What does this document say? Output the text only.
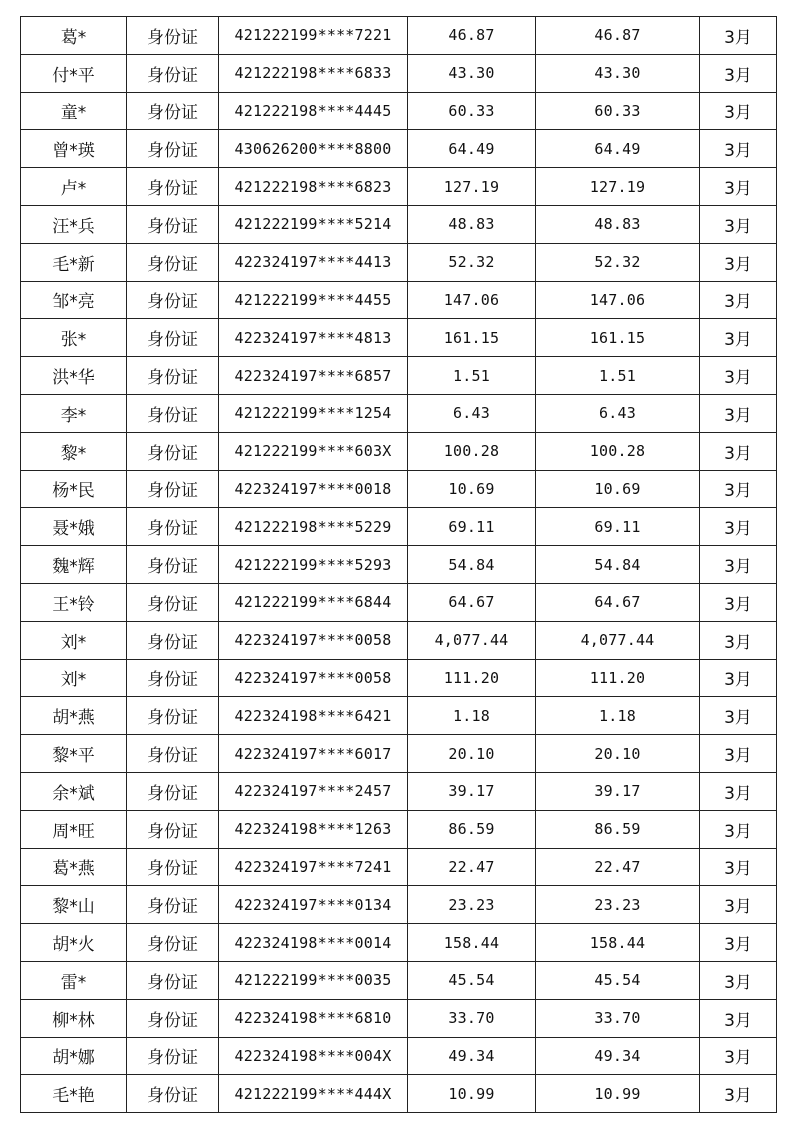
葛*	身份证	421222199****7221	46.87	46.87	3月
付*平	身份证	421222198****6833	43.30	43.30	3月
童*	身份证	421222198****4445	60.33	60.33	3月
曾*瑛	身份证	430626200****8800	64.49	64.49	3月
卢*	身份证	421222198****6823	127.19	127.19	3月
汪*兵	身份证	421222199****5214	48.83	48.83	3月
毛*新	身份证	422324197****4413	52.32	52.32	3月
邹*亮	身份证	421222199****4455	147.06	147.06	3月
张*	身份证	422324197****4813	161.15	161.15	3月
洪*华	身份证	422324197****6857	1.51	1.51	3月
李*	身份证	421222199****1254	6.43	6.43	3月
黎*	身份证	421222199****603X	100.28	100.28	3月
杨*民	身份证	422324197****0018	10.69	10.69	3月
聂*娥	身份证	421222198****5229	69.11	69.11	3月
魏*辉	身份证	421222199****5293	54.84	54.84	3月
王*铃	身份证	421222199****6844	64.67	64.67	3月
刘*	身份证	422324197****0058	4,077.44	4,077.44	3月
刘*	身份证	422324197****0058	111.20	111.20	3月
胡*燕	身份证	422324198****6421	1.18	1.18	3月
黎*平	身份证	422324197****6017	20.10	20.10	3月
余*斌	身份证	422324197****2457	39.17	39.17	3月
周*旺	身份证	422324198****1263	86.59	86.59	3月
葛*燕	身份证	422324197****7241	22.47	22.47	3月
黎*山	身份证	422324197****0134	23.23	23.23	3月
胡*火	身份证	422324198****0014	158.44	158.44	3月
雷*	身份证	421222199****0035	45.54	45.54	3月
柳*林	身份证	422324198****6810	33.70	33.70	3月
胡*娜	身份证	422324198****004X	49.34	49.34	3月
毛*艳	身份证	421222199****444X	10.99	10.99	3月
